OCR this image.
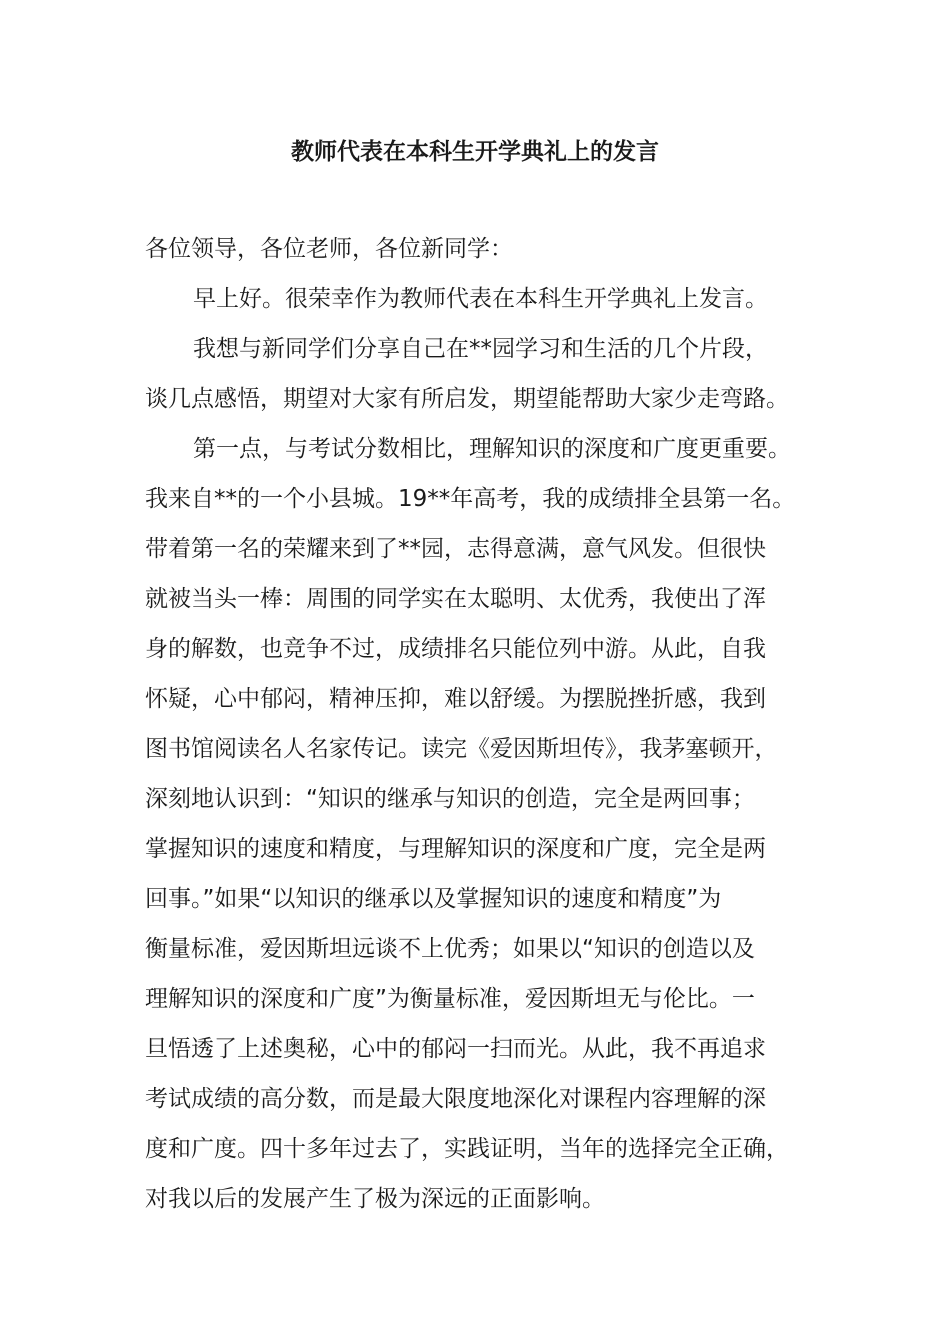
教师代表在本科生开学典礼上的发言

各位领导，各位老师，各位新同学：

早上好。很荣幸作为教师代表在本科生开学典礼上发言。

我想与新同学们分享自己在**园学习和生活的几个片段，

谈几点感悟，期望对大家有所启发，期望能帮助大家少走弯路。

第一点，与考试分数相比，理解知识的深度和广度更重要。

我来自**的一个小县城。19**年高考，我的成绩排全县第一名。

带着第一名的荣耀来到了**园，志得意满，意气风发。但很快

就被当头一棒：周围的同学实在太聪明、太优秀，我使出了浑

身的解数，也竞争不过，成绩排名只能位列中游。从此，自我

怀疑，心中郁闷，精神压抑，难以舒缓。为摆脱挫折感，我到

图书馆阅读名人名家传记。读完《爱因斯坦传》，我茅塞顿开，

深刻地认识到：“知识的继承与知识的创造，完全是两回事；

掌握知识的速度和精度，与理解知识的深度和广度，完全是两

回事。”如果“以知识的继承以及掌握知识的速度和精度”为

衡量标准，爱因斯坦远谈不上优秀；如果以“知识的创造以及

理解知识的深度和广度”为衡量标准，爱因斯坦无与伦比。一

旦悟透了上述奥秘，心中的郁闷一扫而光。从此，我不再追求

考试成绩的高分数，而是最大限度地深化对课程内容理解的深

度和广度。四十多年过去了，实践证明，当年的选择完全正确，

对我以后的发展产生了极为深远的正面影响。
